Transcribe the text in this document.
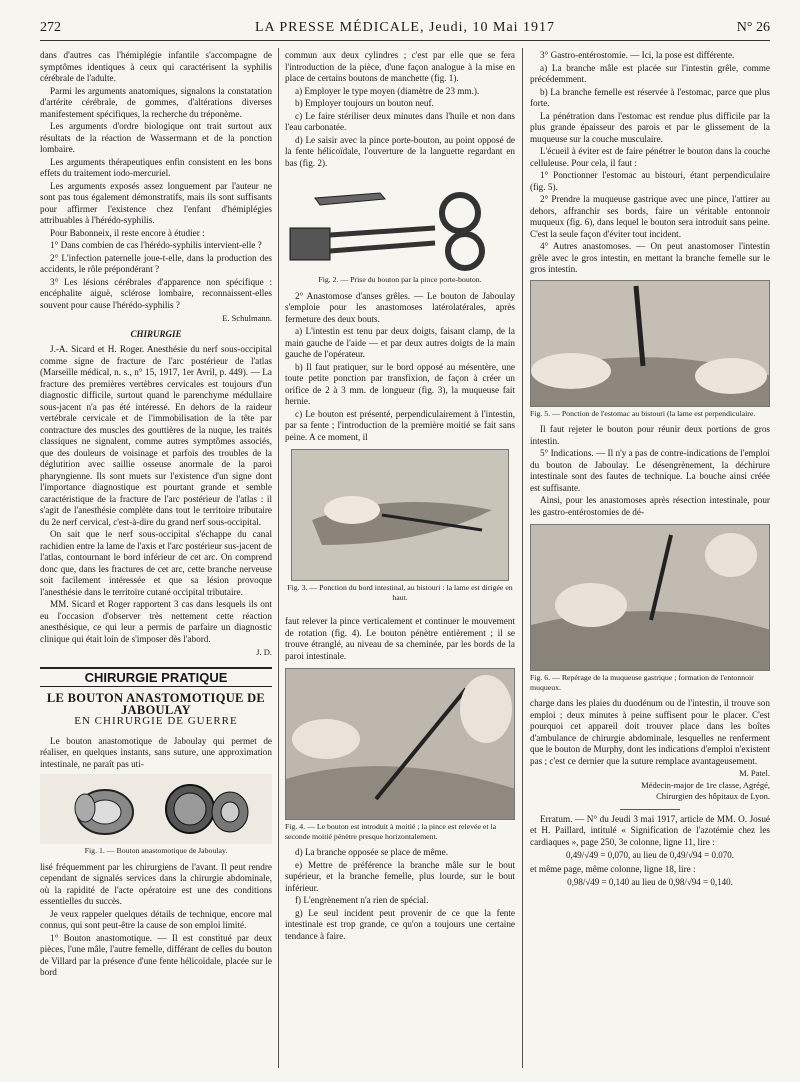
272	LA PRESSE MÉDICALE, Jeudi, 10 Mai 1917	N° 26

dans d'autres cas l'hémiplégie infantile s'accompagne de symptômes identiques à ceux qui caractérisent la syphilis cérébrale de l'adulte.

Parmi les arguments anatomiques, signalons la constatation d'artérite cérébrale, de gommes, d'altérations diverses manifestement spécifiques, la recherche du tréponème.

Les arguments d'ordre biologique ont trait surtout aux résultats de la réaction de Wassermann et de la ponction lombaire.

Les arguments thérapeutiques enfin consistent en les bons effets du traitement iodo-mercuriel.

Les arguments exposés assez longuement par l'auteur ne sont pas tous également démonstratifs, mais ils sont suffisants pour affirmer l'existence chez l'enfant d'hémiplégies attribuables à l'hérédo-syphilis.

Pour Babonneix, il reste encore à étudier :

1° Dans combien de cas l'hérédo-syphilis intervient-elle ?

2° L'infection paternelle joue-t-elle, dans la production des accidents, le rôle prépondérant ?

3° Les lésions cérébrales d'apparence non spécifique : encéphalite aiguë, sclérose lombaire, reconnaissent-elles souvent pour cause l'hérédo-syphilis ?

E. Schulmann.

CHIRURGIE

J.-A. Sicard et H. Roger. Anesthésie du nerf sous-occipital comme signe de fracture de l'arc postérieur de l'atlas (Marseille médical, n. s., n° 15, 1917, 1er Avril, p. 449). — La fracture des premières vertèbres cervicales est toujours d'un diagnostic difficile, surtout quand le parenchyme médullaire sous-jacent n'a pas été intéressé. En dehors de la raideur vertébrale cervicale et de l'immobilisation de la tête par contracture des muscles des gouttières de la nuque, les traités classiques ne signalent, comme autres symptômes associés, que des douleurs de voisinage et parfois des troubles de la déglutition avec saillie osseuse anormale de la paroi pharyngienne. Ils sont muets sur l'existence d'un signe dont l'importance diagnostique est pourtant grande et semble caractéristique de la fracture de l'arc postérieur de l'atlas : il s'agit de l'anesthésie complète dans tout le territoire tributaire du 2e nerf cervical, c'est-à-dire du grand nerf sous-occipital.

On sait que le nerf sous-occipital s'échappe du canal rachidien entre la lame de l'axis et l'arc postérieur sus-jacent de l'atlas, contournant le bord inférieur de cet arc. On comprend donc que, dans les fractures de cet arc, cette branche nerveuse soit facilement intéressée et que sa lésion provoque l'anesthésie dans le territoire cutané occipital tributaire.

MM. Sicard et Roger rapportent 3 cas dans lesquels ils ont eu l'occasion d'observer très nettement cette réaction anesthésique, ce qui leur a permis de parfaire un diagnostic clinique qui était loin de s'imposer dès l'abord.

J. D.

CHIRURGIE PRATIQUE

LE BOUTON ANASTOMOTIQUE DE JABOULAY

EN CHIRURGIE DE GUERRE

Le bouton anastomotique de Jaboulay qui permet de réaliser, en quelques instants, sans suture, une approximation intestinale, ne paraît pas uti-

Fig. 1. — Bouton anastomotique de Jaboulay.

lisé fréquemment par les chirurgiens de l'avant. Il peut rendre cependant de signalés services dans la chirurgie abdominale, où la rapidité de l'acte opératoire est une des conditions essentielles du succès.

Je veux rappeler quelques détails de technique, encore mal connus, qui sont peut-être la cause de son emploi limité.

1° Bouton anastomotique. — Il est constitué par deux pièces, l'une mâle, l'autre femelle, différant de celles du bouton de Villard par la présence d'une fente hélicoïdale, placée sur le bord

commun aux deux cylindres ; c'est par elle que se fera l'introduction de la pièce, d'une façon analogue à la mise en place de certains boutons de manchette (fig. 1).

a) Employer le type moyen (diamètre de 23 mm.).

b) Employer toujours un bouton neuf.

c) Le faire stériliser deux minutes dans l'huile et non dans l'eau carbonatée.

d) Le saisir avec la pince porte-bouton, au point opposé de la fente hélicoïdale, l'ouverture de la languette regardant en bas (fig. 2).

Fig. 2. — Prise du bouton par la pince porte-bouton.

2° Anastomose d'anses grêles. — Le bouton de Jaboulay s'emploie pour les anastomoses latérolatérales, après fermeture des deux bouts.

a) L'intestin est tenu par deux doigts, faisant clamp, de la main gauche de l'aide — et par deux autres doigts de la main gauche de l'opérateur.

b) Il faut pratiquer, sur le bord opposé au mésentère, une toute petite ponction par transfixion, de façon à créer un orifice de 2 à 3 mm. de longueur (fig. 3), la muqueuse fait hernie.

c) Le bouton est présenté, perpendiculairement à l'intestin, par sa fente ; l'introduction de la première moitié se fait sans peine. A ce moment, il

Fig. 3. — Ponction du bord intestinal, au bistouri : la lame est dirigée en haut.

faut relever la pince verticalement et continuer le mouvement de rotation (fig. 4). Le bouton pénètre entièrement ; il se trouve étranglé, au niveau de sa cheminée, par les bords de la paroi intestinale.

Fig. 4. — Le bouton est introduit à moitié ; la pince est relevée et la seconde moitié pénètre presque horizontalement.

d) La branche opposée se place de même.

e) Mettre de préférence la branche mâle sur le bout supérieur, et la branche femelle, plus lourde, sur le bout inférieur.

f) L'engrènement n'a rien de spécial.

g) Le seul incident peut provenir de ce que la fente intestinale est trop grande, ce qu'on a toujours une certaine tendance à faire.

3° Gastro-entérostomie. — Ici, la pose est différente.

a) La branche mâle est placée sur l'intestin grêle, comme précédemment.

b) La branche femelle est réservée à l'estomac, parce que plus forte.

La pénétration dans l'estomac est rendue plus difficile par la plus grande épaisseur des parois et par le glissement de la muqueuse sur la couche musculaire.

L'écueil à éviter est de faire pénétrer le bouton dans la couche celluleuse. Pour cela, il faut :

1° Ponctionner l'estomac au bistouri, étant perpendiculaire (fig. 5).

2° Prendre la muqueuse gastrique avec une pince, l'attirer au dehors, affranchir ses bords, faire un véritable entonnoir muqueux (fig. 6), dans lequel le bouton sera introduit sans peine. C'est la seule façon d'éviter tout incident.

4° Autres anastomoses. — On peut anastomoser l'intestin grêle avec le gros intestin, en mettant la branche femelle sur le gros intestin.

Fig. 5. — Ponction de l'estomac au bistouri (la lame est perpendiculaire.

Il faut rejeter le bouton pour réunir deux portions de gros intestin.

5° Indications. — Il n'y a pas de contre-indications de l'emploi du bouton de Jaboulay. Le désengrènement, la déchirure intestinale sont des fautes de technique. La bouche ainsi créée est suffisante.

Ainsi, pour les anastomoses après résection intestinale, pour les gastro-entérostomies de dé-

Fig. 6. — Repérage de la muqueuse gastrique ; formation de l'entonnoir muqueux.

charge dans les plaies du duodénum ou de l'intestin, il trouve son emploi ; deux minutes à peine suffisent pour le placer. C'est pourquoi cet appareil doit trouver place dans les boîtes d'ambulance de chirurgie abdominale, lesquelles ne renferment que le bouton de Murphy, dont les indications d'emploi n'existent pas ; c'est ce dernier que la suture remplace avantageusement.

M. Patel.

Médecin-major de 1re classe, Agrégé,

Chirurgien des hôpitaux de Lyon.

Erratum. — N° du Jeudi 3 mai 1917, article de MM. O. Josué et H. Paillard, intitulé « Signification de l'azotémie chez les cardiaques », page 250, 3e colonne, ligne 11, lire :

0,49/√49 = 0,070, au lieu de 0,49/√94 = 0.070.

et même page, même colonne, ligne 18, lire :

0,98/√49 = 0,140 au lieu de 0,98/√94 = 0,140.
